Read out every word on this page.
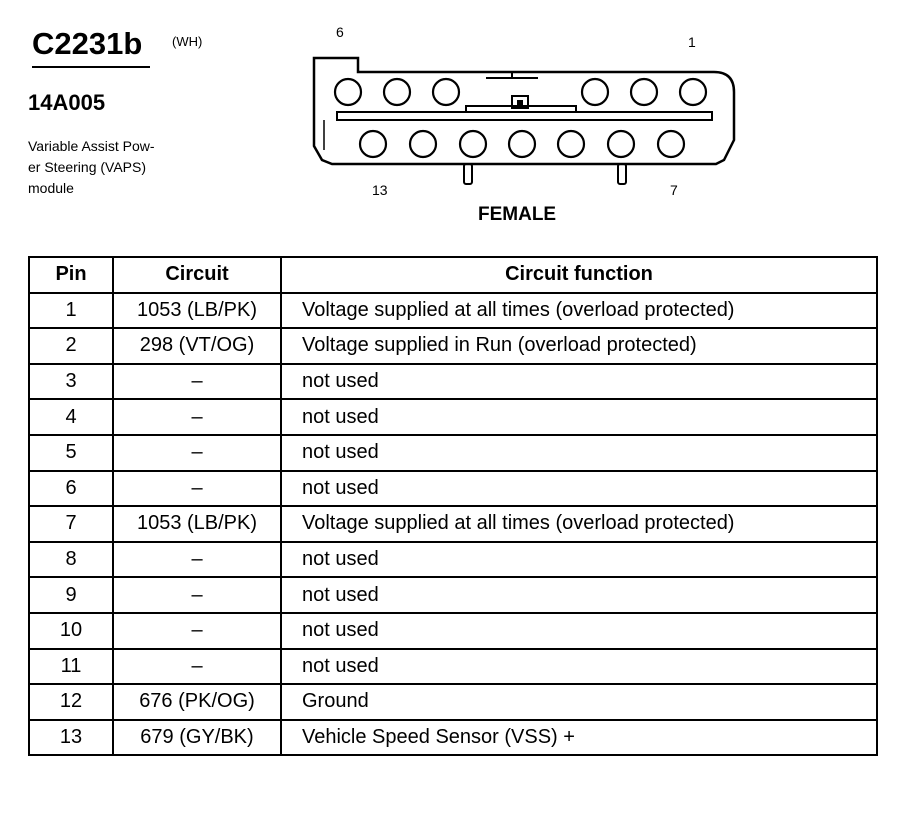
C2231b (WH)
14A005
Variable Assist Pow-
er Steering (VAPS)
module
6
1
13	7
FEMALE
Pin	Circuit	Circuit function
1	1053 (LB/PK)	Voltage supplied at all times (overload protected)
2	298 (VT/OG)	Voltage supplied in Run (overload protected)
3	–	not used
4	–	not used
5	–	not used
6	–	not used
7	1053 (LB/PK)	Voltage supplied at all times (overload protected)
8	–	not used
9	–	not used
10	–	not used
11	–	not used
12	676 (PK/OG)	Ground
13	679 (GY/BK)	Vehicle Speed Sensor (VSS) +
